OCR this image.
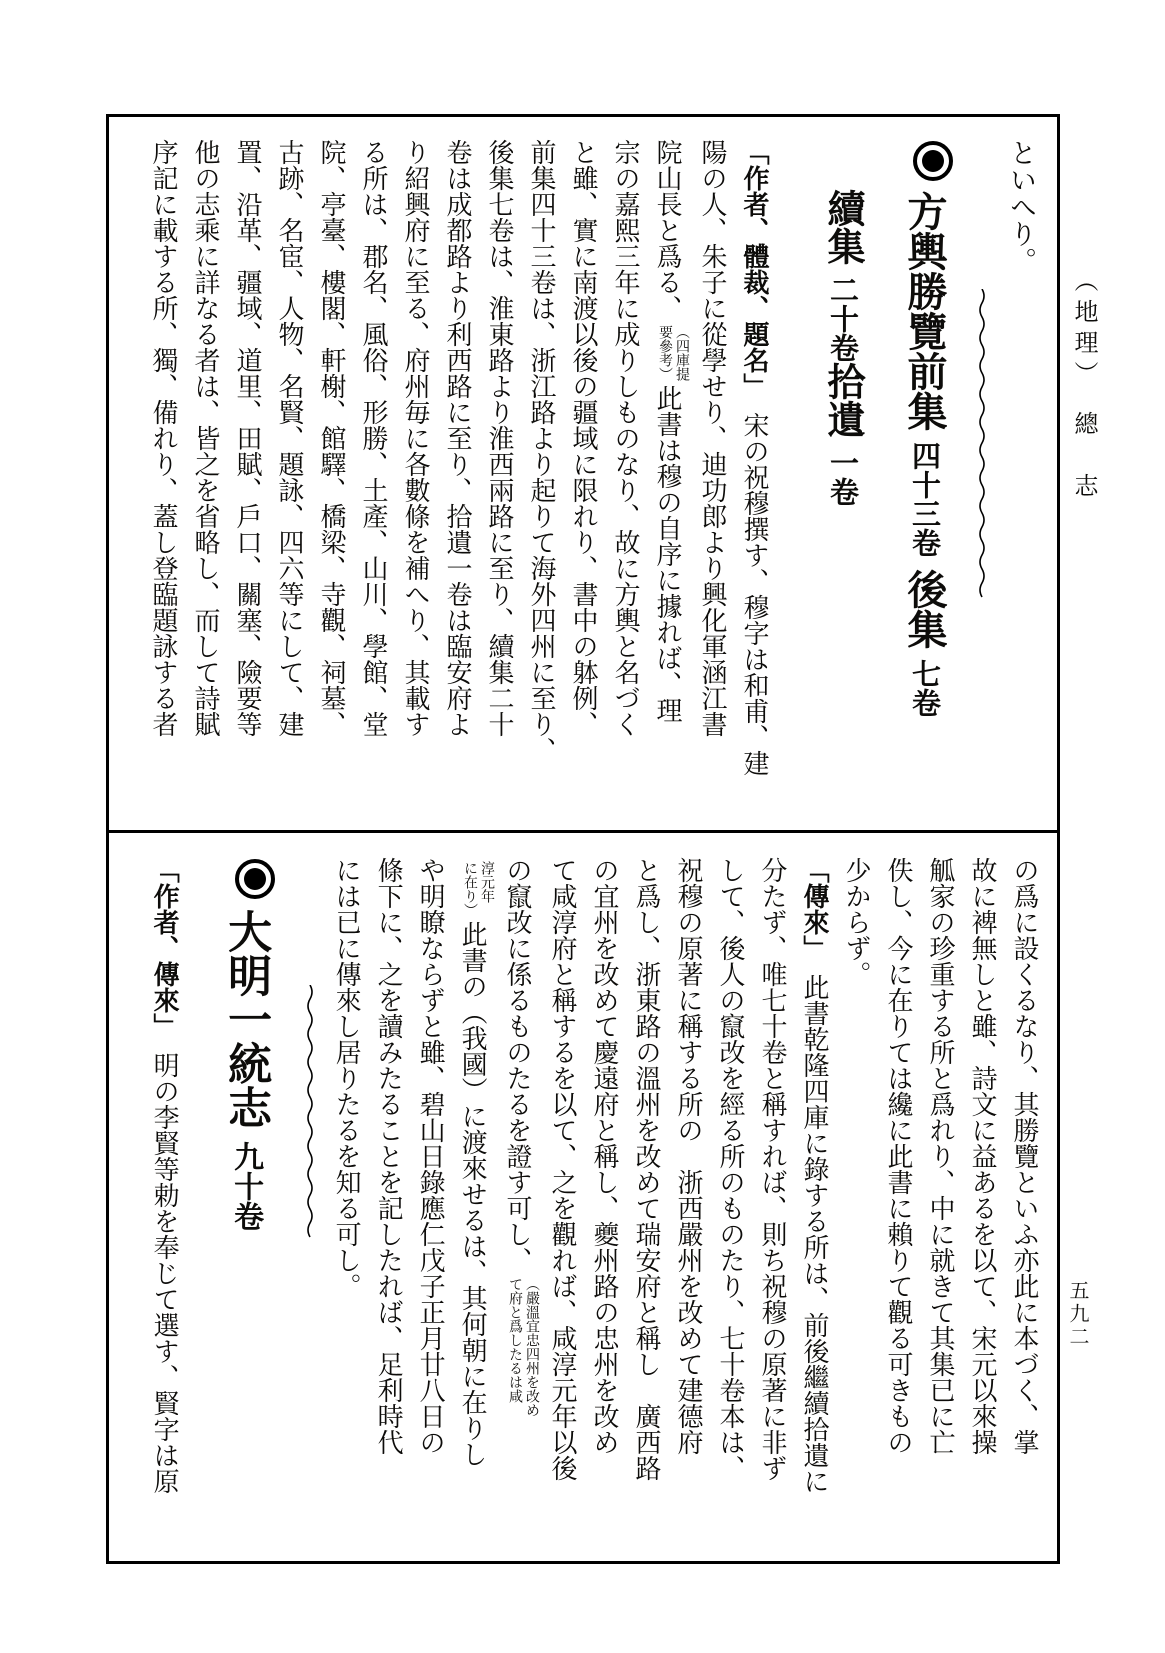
（地理）　總　志
五九二
といへり。
方輿勝覽前集四十三卷後集七卷
續集二十卷拾遺一卷
「作者、體裁、題名」　宋の祝穆撰す、穆字は和甫、建
陽の人、朱子に從學せり、迪功郎より興化軍涵江書
院山長と爲る、
（四庫提
要參考）
此書は穆の自序に據れば、理
宗の嘉熙三年に成りしものなり、故に方輿と名づく
と雖、實に南渡以後の疆域に限れり、書中の躰例、
前集四十三卷は、浙江路より起りて海外四州に至り、
後集七卷は、淮東路より淮西兩路に至り、續集二十
卷は成都路より利西路に至り、拾遺一卷は臨安府よ
り紹興府に至る、府州毎に各數條を補へり、其載す
る所は、郡名、風俗、形勝、土產、山川、學館、堂
院、亭臺、樓閣、軒榭、館驛、橋梁、寺觀、祠墓、
古跡、名宦、人物、名賢、題詠、四六等にして、建
置、沿革、疆域、道里、田賦、戶口、關塞、險要等
他の志乘に詳なる者は、皆之を省略し、而して詩賦
序記に載する所、獨、備れり、蓋し登臨題詠する者
の爲に設くるなり、其勝覽といふ亦此に本づく、掌
故に裨無しと雖、詩文に益あるを以て、宋元以來操
觚家の珍重する所と爲れり、中に就きて其集已に亡
佚し、今に在りては纔に此書に賴りて觀る可きもの
少からず。
「傳來」　此書乾隆四庫に錄する所は、前後繼續拾遺に
分たず、唯七十卷と稱すれば、則ち祝穆の原著に非ず
して、後人の竄改を經る所のものたり、七十卷本は、
祝穆の原著に稱する所の　浙西嚴州を改めて建德府
と爲し、浙東路の溫州を改めて瑞安府と稱し　廣西路
の宜州を改めて慶遠府と稱し、夔州路の忠州を改め
て咸淳府と稱するを以て、之を觀れば、咸淳元年以後
の竄改に係るものたるを證す可し、
（嚴溫宜忠四州を改め
て府と爲したるは咸
淳元年
に在り）
此書の（我國）に渡來せるは、其何朝に在りし
や明瞭ならずと雖、碧山日錄應仁戊子正月廿八日の
條下に、之を讀みたることを記したれば、足利時代
には已に傳來し居りたるを知る可し。
大明一統志九十卷
「作者、傳來」　明の李賢等勅を奉じて選す、賢字は原
